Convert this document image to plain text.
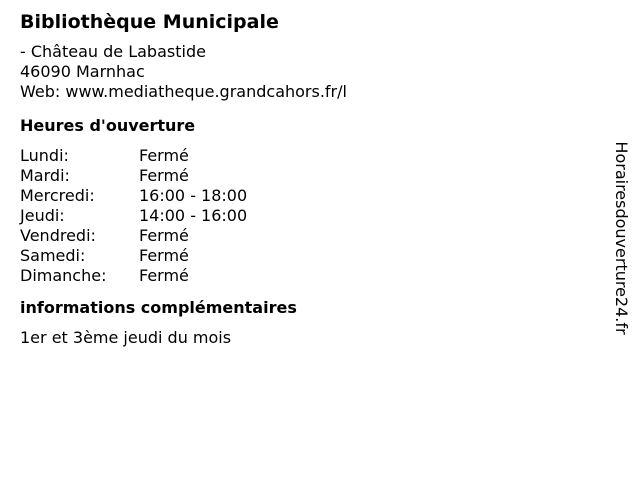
Bibliothèque Municipale
- Château de Labastide
46090 Marnhac
Web: www.mediatheque.grandcahors.fr/l
Heures d'ouverture
Lundi:	Fermé
Mardi:	Fermé
Mercredi:	16:00 - 18:00
Jeudi:	14:00 - 16:00
Vendredi:	Fermé
Samedi:	Fermé
Dimanche:	Fermé
informations complémentaires
1er et 3ème jeudi du mois
Horairesdouverture24.fr
